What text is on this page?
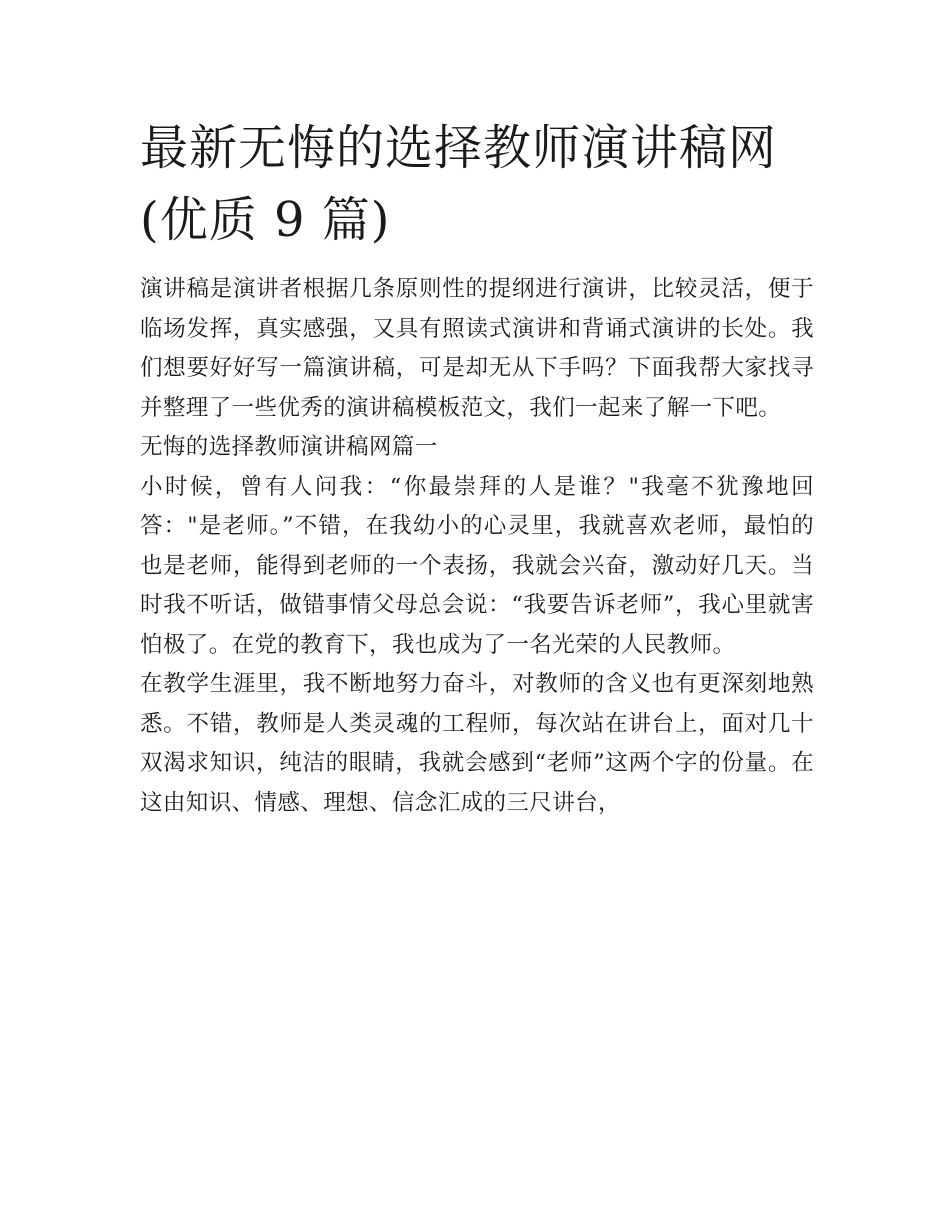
最新无悔的选择教师演讲稿网(优质 9 篇)

演讲稿是演讲者根据几条原则性的提纲进行演讲，比较灵活，便于临场发挥，真实感强，又具有照读式演讲和背诵式演讲的长处。我们想要好好写一篇演讲稿，可是却无从下手吗？下面我帮大家找寻并整理了一些优秀的演讲稿模板范文，我们一起来了解一下吧。

无悔的选择教师演讲稿网篇一

小时候，曾有人问我：“你最崇拜的人是谁？"我毫不犹豫地回答："是老师。”不错，在我幼小的心灵里，我就喜欢老师，最怕的也是老师，能得到老师的一个表扬，我就会兴奋，激动好几天。当时我不听话，做错事情父母总会说：“我要告诉老师”，我心里就害怕极了。在党的教育下，我也成为了一名光荣的人民教师。

在教学生涯里，我不断地努力奋斗，对教师的含义也有更深刻地熟悉。不错，教师是人类灵魂的工程师，每次站在讲台上，面对几十双渴求知识，纯洁的眼睛，我就会感到“老师”这两个字的份量。在这由知识、情感、理想、信念汇成的三尺讲台，
